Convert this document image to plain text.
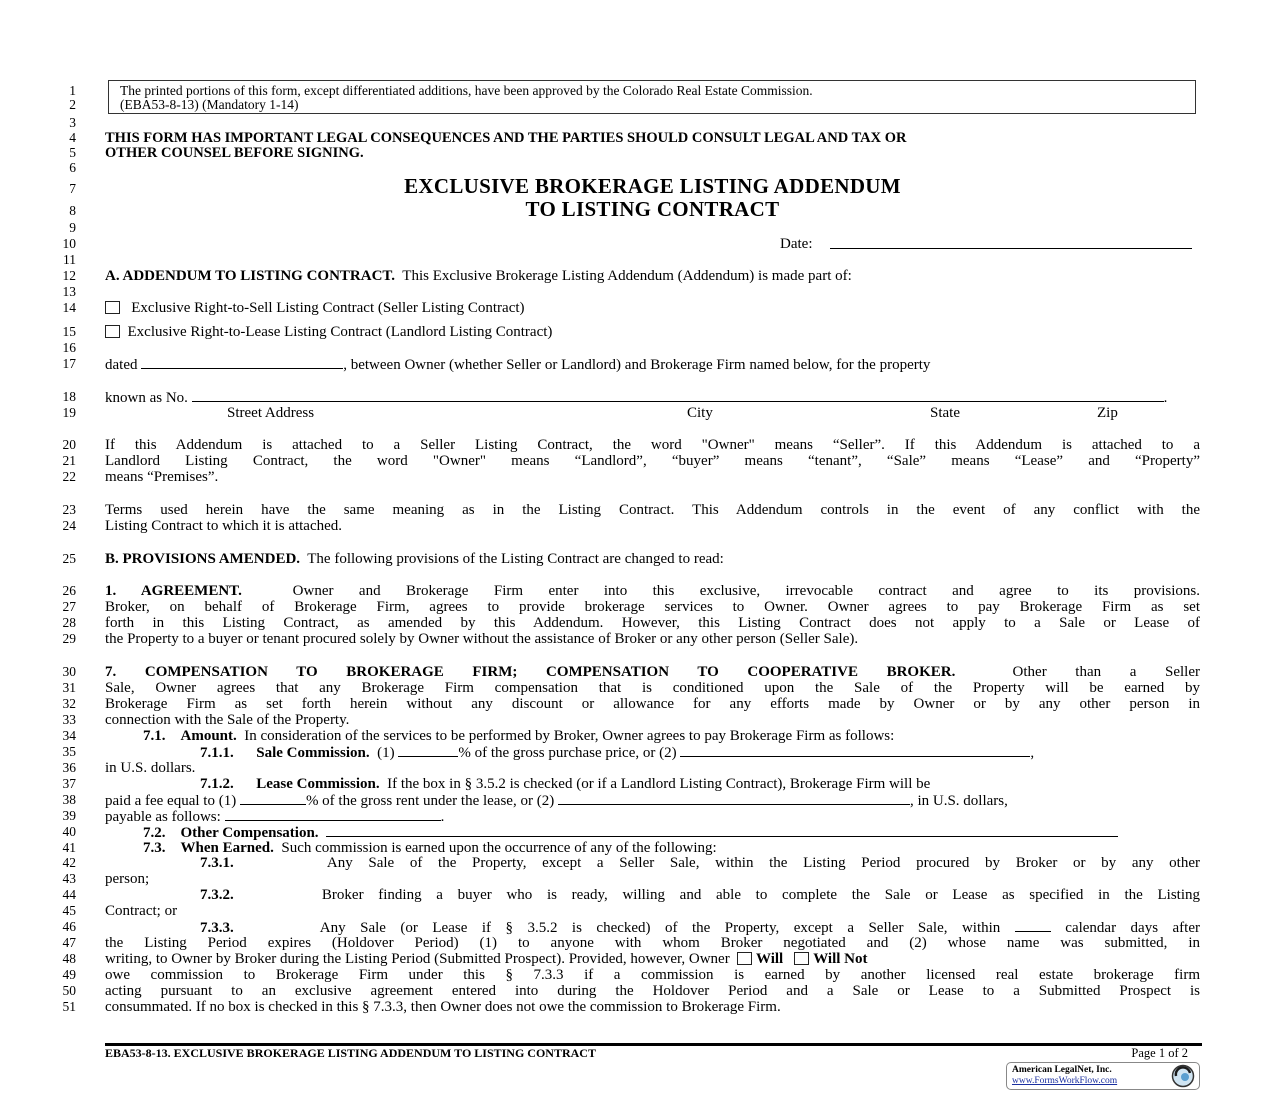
1
2
3
4
5
6
7
8
9
10
11
12
13
14
15
16
17
18
19
20
21
22
23
24
25
26
27
28
29
30
31
32
33
34
35
36
37
38
39
40
41
42
43
44
45
46
47
48
49
50
51
The printed portions of this form, except differentiated additions, have been approved by the Colorado Real Estate Commission.
(EBA53-8-13) (Mandatory 1-14)
THIS FORM HAS IMPORTANT LEGAL CONSEQUENCES AND THE PARTIES SHOULD CONSULT LEGAL AND TAX OR
OTHER COUNSEL BEFORE SIGNING.
EXCLUSIVE BROKERAGE LISTING ADDENDUM
TO LISTING CONTRACT
Date:
A. ADDENDUM TO LISTING CONTRACT. This Exclusive Brokerage Listing Addendum (Addendum) is made part of:
Exclusive Right-to-Sell Listing Contract (Seller Listing Contract)
Exclusive Right-to-Lease Listing Contract (Landlord Listing Contract)
dated	, between Owner (whether Seller or Landlord) and Brokerage Firm named below, for the property
known as No.	.
Street Address	City	State	Zip
If this Addendum is attached to a Seller Listing Contract, the word "Owner" means “Seller”. If this Addendum is attached to a
Landlord Listing Contract, the word "Owner" means “Landlord”, “buyer” means “tenant”, “Sale” means “Lease” and “Property”
means “Premises”.
Terms used herein have the same meaning as in the Listing Contract. This Addendum controls in the event of any conflict with the
Listing Contract to which it is attached.
B. PROVISIONS AMENDED. The following provisions of the Listing Contract are changed to read:
1. AGREEMENT.	Owner and Brokerage Firm enter into this exclusive, irrevocable contract and agree to its provisions.
Broker, on behalf of Brokerage Firm, agrees to provide brokerage services to Owner. Owner agrees to pay Brokerage Firm as set
forth in this Listing Contract, as amended by this Addendum. However, this Listing Contract does not apply to a Sale or Lease of
the Property to a buyer or tenant procured solely by Owner without the assistance of Broker or any other person (Seller Sale).
7. COMPENSATION TO BROKERAGE FIRM; COMPENSATION TO COOPERATIVE BROKER.	Other than a Seller
Sale, Owner agrees that any Brokerage Firm compensation that is conditioned upon the Sale of the Property will be earned by
Brokerage Firm as set forth herein without any discount or allowance for any efforts made by Owner or by any other person in
connection with the Sale of the Property.
7.1. Amount. In consideration of the services to be performed by Broker, Owner agrees to pay Brokerage Firm as follows:
7.1.1. Sale Commission. (1)	% of the gross purchase price, or (2)	,
in U.S. dollars.
7.1.2. Lease Commission. If the box in § 3.5.2 is checked (or if a Landlord Listing Contract), Brokerage Firm will be
paid a fee equal to (1)	% of the gross rent under the lease, or (2)	, in U.S. dollars,
payable as follows:	.
7.2. Other Compensation.
7.3. When Earned. Such commission is earned upon the occurrence of any of the following:
7.3.1.	Any Sale of the Property, except a Seller Sale, within the Listing Period procured by Broker or by any other
person;
7.3.2.	Broker finding a buyer who is ready, willing and able to complete the Sale or Lease as specified in the Listing
Contract; or
7.3.3.	Any Sale (or Lease if § 3.5.2 is checked) of the Property, except a Seller Sale, within	calendar days after
the Listing Period expires (Holdover Period) (1) to anyone with whom Broker negotiated and (2) whose name was submitted, in
writing, to Owner by Broker during the Listing Period (Submitted Prospect). Provided, however, Owner Will Will Not
owe commission to Brokerage Firm under this § 7.3.3 if a commission is earned by another licensed real estate brokerage firm
acting pursuant to an exclusive agreement entered into during the Holdover Period and a Sale or Lease to a Submitted Prospect is
consummated. If no box is checked in this § 7.3.3, then Owner does not owe the commission to Brokerage Firm.
EBA53-8-13. EXCLUSIVE BROKERAGE LISTING ADDENDUM TO LISTING CONTRACT	Page 1 of 2
American LegalNet, Inc.
www.FormsWorkFlow.com
